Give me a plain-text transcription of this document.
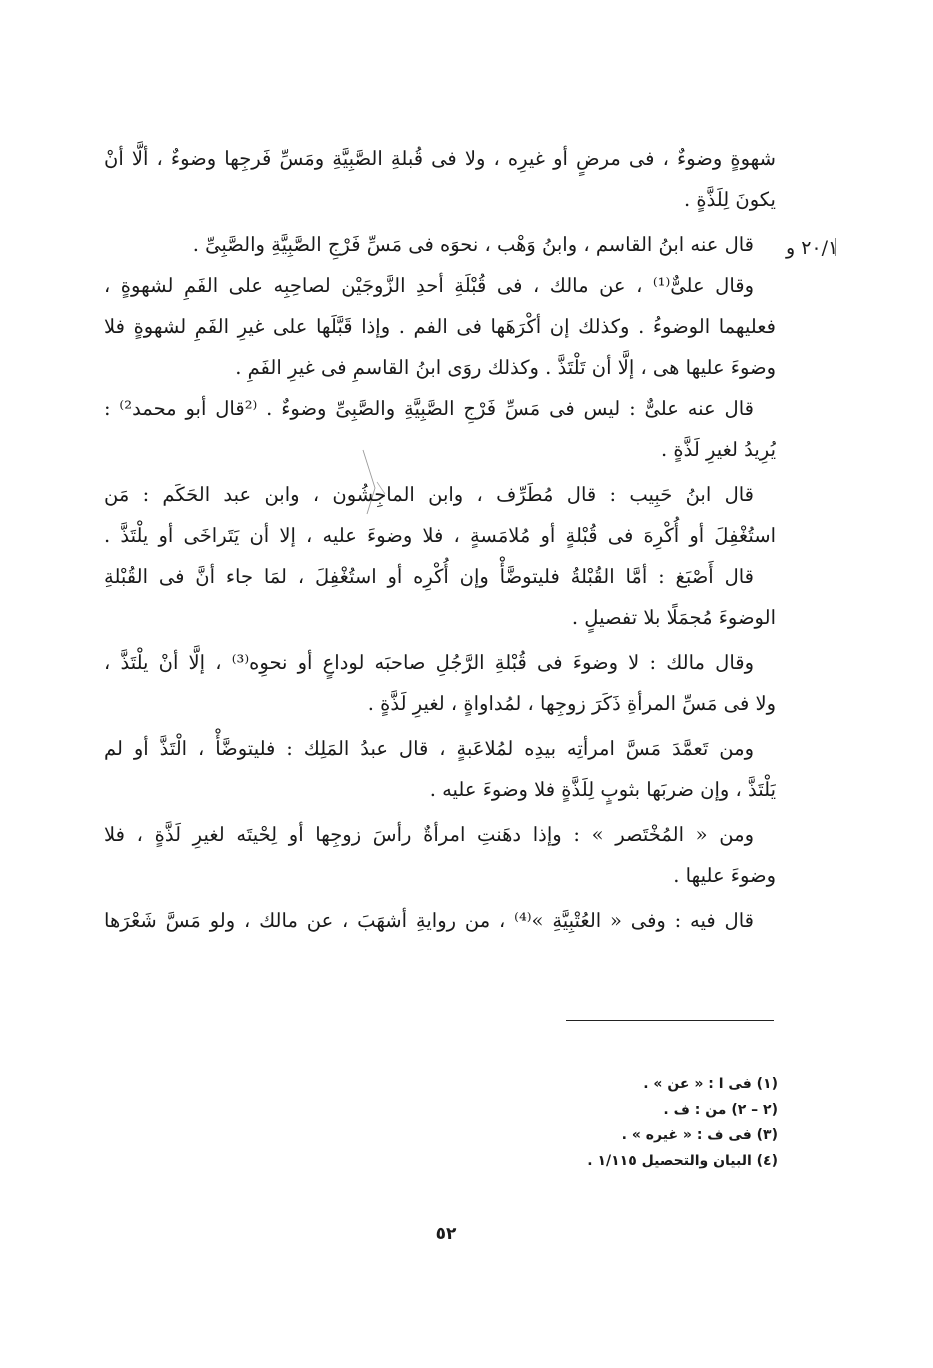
٢٠/١ و
شهوةٍ وضوءٌ ، فى مرضٍ أو غيرِه ، ولا فى قُبلةِ الصَّبِيَّةِ ومَسِّ فَرجِها وضوءٌ ، ألَّا أنْ
يكونَ لِلَذَّةٍ .
قال عنه ابنُ القاسم ، وابنُ وَهْب ، نحوَه فى مَسِّ فَرْجِ الصَّبِيَّةِ والصَّبِىِّ .
وقال علىٌّ⁽¹⁾ ، عن مالك ، فى قُبْلَةِ أحدِ الزَّوجَيْن لصاحِبِه على الفَمِ لشهوةٍ ،
فعليهما الوضوءُ . وكذلك إن أكْرَهَها فى الفم . وإذا قَبَّلَها على غيرِ الفَمِ لشهوةٍ فلا
وضوءَ عليها هى ، إلَّا أن تَلْتَذَّ . وكذلك روَى ابنُ القاسمِ فى غيرِ الفَمِ .
قال عنه علىٌّ : ليس فى مَسِّ فَرْجِ الصَّبِيَّةِ والصَّبِىِّ وضوءٌ . ⁽²قال أبو محمد²⁾ :
يُرِيدُ لغيرِ لَذَّةٍ .
قال ابنُ حَبِيب : قال مُطَرِّف ، وابن الماجِشُون ، وابن عبد الحَكَم : مَن
استُغْفِلَ أو أُكْرِهَ فى قُبْلةٍ أو مُلامَسةٍ ، فلا وضوءَ عليه ، إلا أن يَتَراخَى أو يلْتَذَّ .
قال أَصْبَغ : أمَّا القُبْلةُ فليتوضَّأْ وإن أُكْرِه أو استُغْفِلَ ، لمَا جاء أنَّ فى القُبْلةِ
الوضوءَ مُجمَلًا بلا تفصيلٍ .
وقال مالك : لا وضوءَ فى قُبْلةِ الرَّجُلِ صاحبَه لوداعٍ أو نحوِه⁽³⁾ ، إلَّا أنْ يلْتَذَّ ،
ولا فى مَسِّ المرأةِ ذَكَرَ زوجِها ، لمُداواةٍ ، لغيرِ لَذَّةٍ .
ومن تَعمَّدَ مَسَّ امرأتِه بيدِه لمُلاعَبةٍ ، قال عبدُ المَلِك : فليتوضَّأْ ، الْتَذَّ أو لم
يَلْتَذَّ ، وإن ضربَها بثوبٍ لِلَذَّةٍ فلا وضوءَ عليه .
ومن « المُخْتَصر » : وإذا دهَنتِ امرأةٌ رأسَ زوجِها أو لِحْيتَه لغيرِ لَذَّةٍ ، فلا
وضوءَ عليها .
قال فيه : وفى « العُتْبِيَّةِ »⁽⁴⁾ ، من روايةِ أشهَبَ ، عن مالك ، ولو مَسَّ شَعْرَها
(١) فى ا : « عن » .
(٢ – ٢) من : ف .
(٣) فى ف : « غيره » .
(٤) البيان والتحصيل ١/١١٥ .
٥٢
